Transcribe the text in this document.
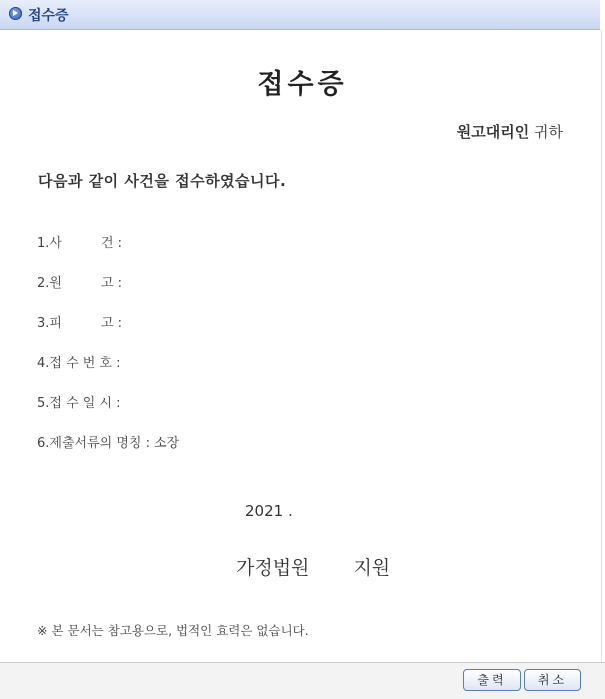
접수증
접수증
원고대리인 귀하
다음과 같이 사건을 접수하였습니다.
1.사　　　건 :
2.원　　　고 :
3.피　　　고 :
4.접 수 번 호 :
5.접 수 일 시 :
6.제출서류의 명칭 : 소장
2021 .
가정법원　　 지원
※ 본 문서는 참고용으로, 법적인 효력은 없습니다.
출력	취소
